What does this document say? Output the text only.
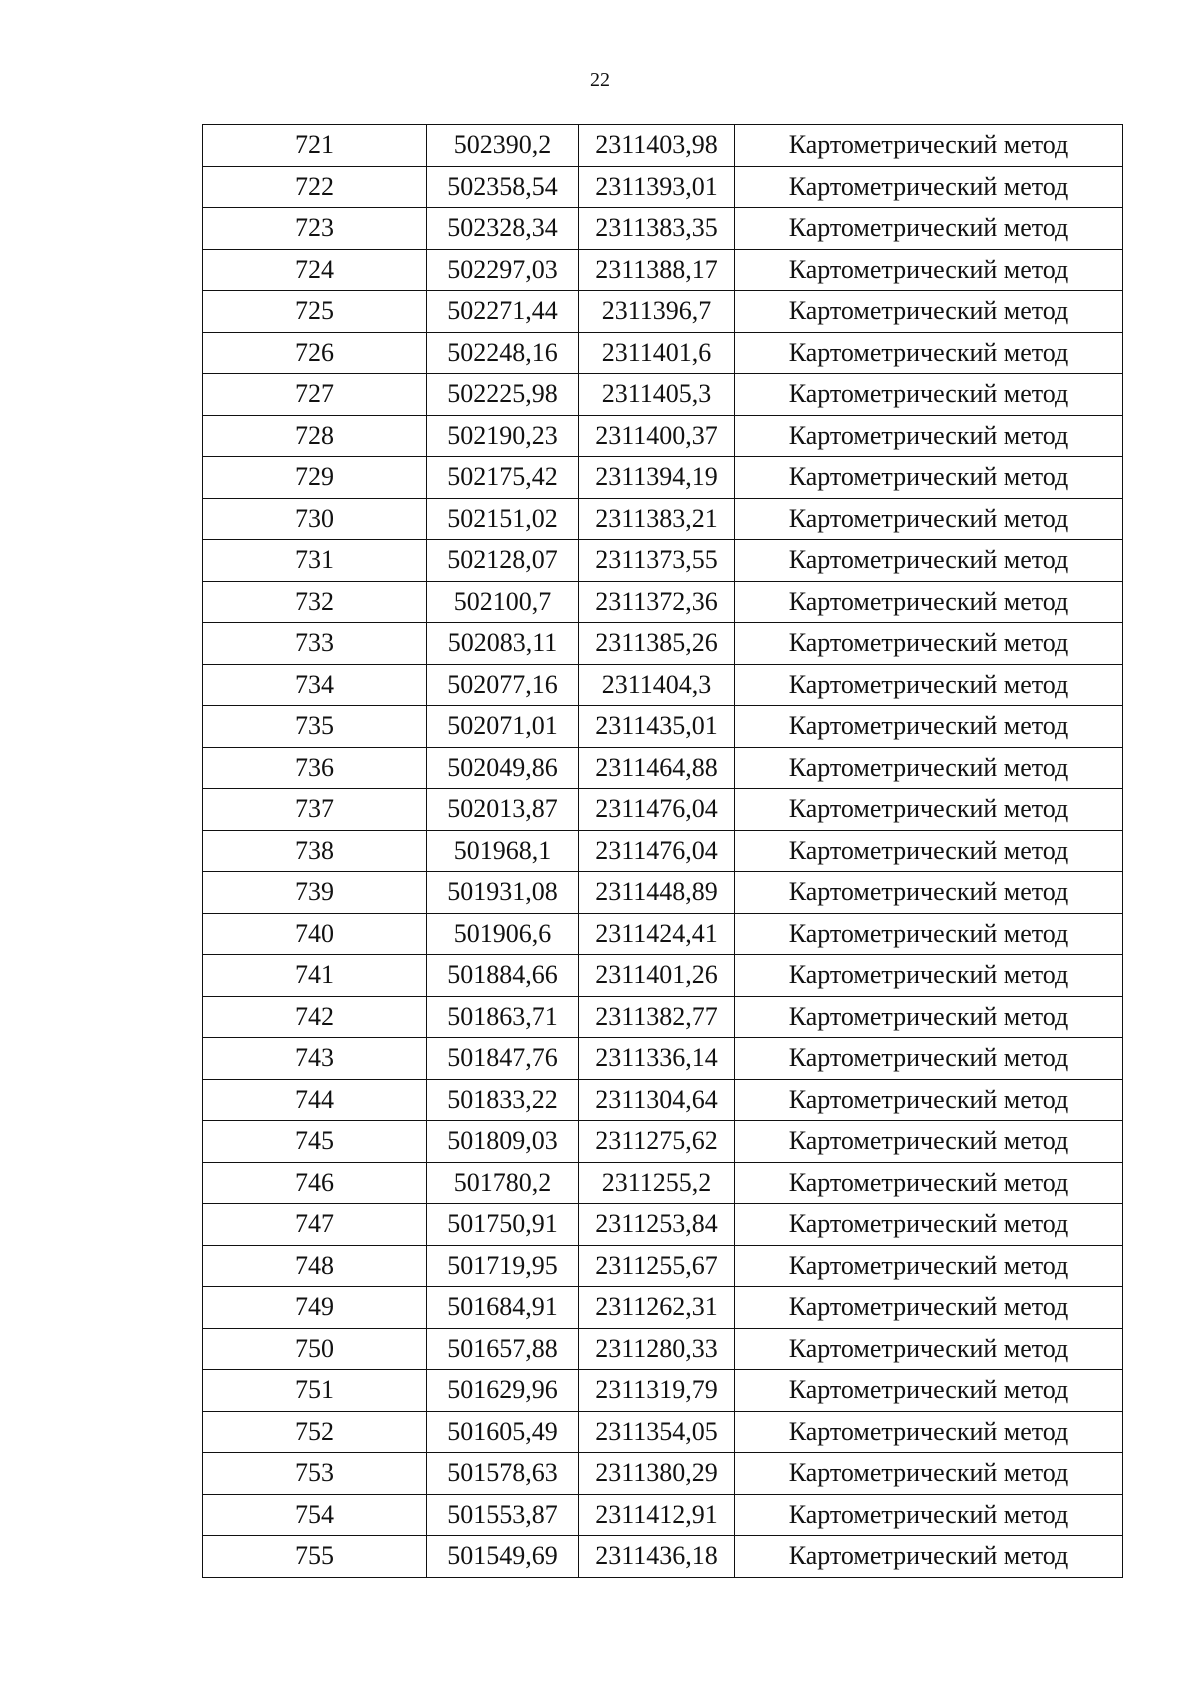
22
721	502390,2	2311403,98	Картометрический метод
722	502358,54	2311393,01	Картометрический метод
723	502328,34	2311383,35	Картометрический метод
724	502297,03	2311388,17	Картометрический метод
725	502271,44	2311396,7	Картометрический метод
726	502248,16	2311401,6	Картометрический метод
727	502225,98	2311405,3	Картометрический метод
728	502190,23	2311400,37	Картометрический метод
729	502175,42	2311394,19	Картометрический метод
730	502151,02	2311383,21	Картометрический метод
731	502128,07	2311373,55	Картометрический метод
732	502100,7	2311372,36	Картометрический метод
733	502083,11	2311385,26	Картометрический метод
734	502077,16	2311404,3	Картометрический метод
735	502071,01	2311435,01	Картометрический метод
736	502049,86	2311464,88	Картометрический метод
737	502013,87	2311476,04	Картометрический метод
738	501968,1	2311476,04	Картометрический метод
739	501931,08	2311448,89	Картометрический метод
740	501906,6	2311424,41	Картометрический метод
741	501884,66	2311401,26	Картометрический метод
742	501863,71	2311382,77	Картометрический метод
743	501847,76	2311336,14	Картометрический метод
744	501833,22	2311304,64	Картометрический метод
745	501809,03	2311275,62	Картометрический метод
746	501780,2	2311255,2	Картометрический метод
747	501750,91	2311253,84	Картометрический метод
748	501719,95	2311255,67	Картометрический метод
749	501684,91	2311262,31	Картометрический метод
750	501657,88	2311280,33	Картометрический метод
751	501629,96	2311319,79	Картометрический метод
752	501605,49	2311354,05	Картометрический метод
753	501578,63	2311380,29	Картометрический метод
754	501553,87	2311412,91	Картометрический метод
755	501549,69	2311436,18	Картометрический метод
